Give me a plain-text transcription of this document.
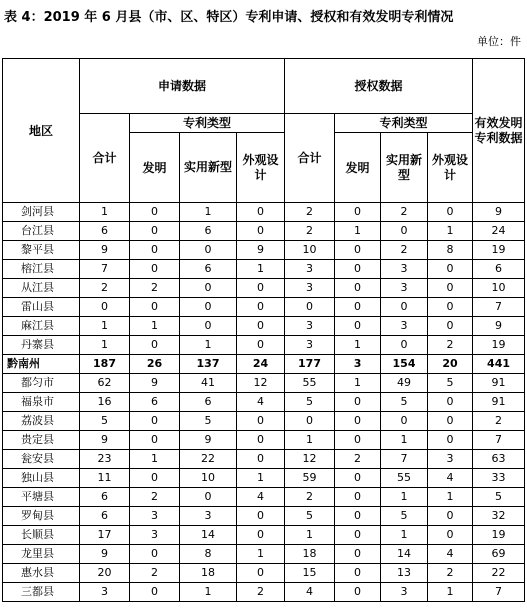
表 4：2019 年 6 月县（市、区、特区）专利申请、授权和有效发明专利情况
单位：件
地区	申请数据				授权数据				有效发明专利数据
	合计	专利类型			合计	专利类型			
		发明	实用新型	外观设计		发明	实用新型	外观设计	
剑河县	1	0	1	0	2	0	2	0	9
台江县	6	0	6	0	2	1	0	1	24
黎平县	9	0	0	9	10	0	2	8	19
榕江县	7	0	6	1	3	0	3	0	6
从江县	2	2	0	0	3	0	3	0	10
雷山县	0	0	0	0	0	0	0	0	7
麻江县	1	1	0	0	3	0	3	0	9
丹寨县	1	0	1	0	3	1	0	2	19
黔南州	187	26	137	24	177	3	154	20	441
都匀市	62	9	41	12	55	1	49	5	91
福泉市	16	6	6	4	5	0	5	0	91
荔波县	5	0	5	0	0	0	0	0	2
贵定县	9	0	9	0	1	0	1	0	7
瓮安县	23	1	22	0	12	2	7	3	63
独山县	11	0	10	1	59	0	55	4	33
平塘县	6	2	0	4	2	0	1	1	5
罗甸县	6	3	3	0	5	0	5	0	32
长顺县	17	3	14	0	1	0	1	0	19
龙里县	9	0	8	1	18	0	14	4	69
惠水县	20	2	18	0	15	0	13	2	22
三都县	3	0	1	2	4	0	3	1	7
